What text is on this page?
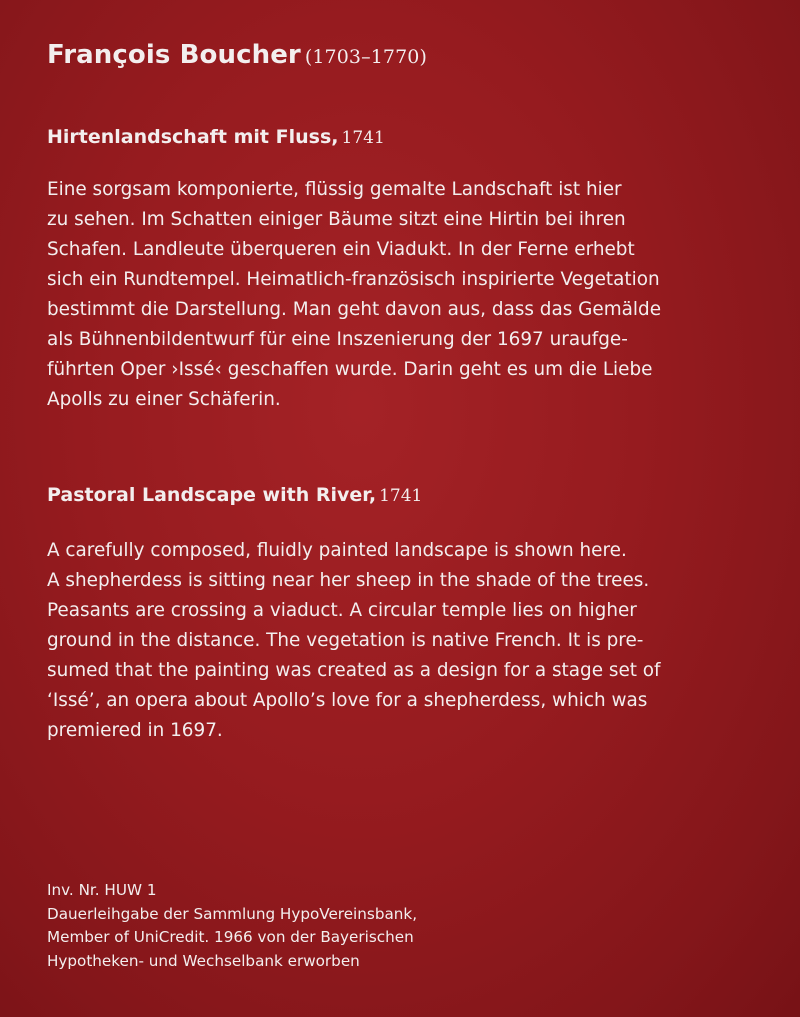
François Boucher (1703–1770)
Hirtenlandschaft mit Fluss, 1741
Eine sorgsam komponierte, flüssig gemalte Landschaft ist hier
zu sehen. Im Schatten einiger Bäume sitzt eine Hirtin bei ihren
Schafen. Landleute überqueren ein Viadukt. In der Ferne erhebt
sich ein Rundtempel. Heimatlich-französisch inspirierte Vegetation
bestimmt die Darstellung. Man geht davon aus, dass das Gemälde
als Bühnenbildentwurf für eine Inszenierung der 1697 uraufge-
führten Oper ›Issé‹ geschaffen wurde. Darin geht es um die Liebe
Apolls zu einer Schäferin.
Pastoral Landscape with River, 1741
A carefully composed, fluidly painted landscape is shown here.
A shepherdess is sitting near her sheep in the shade of the trees.
Peasants are crossing a viaduct. A circular temple lies on higher
ground in the distance. The vegetation is native French. It is pre-
sumed that the painting was created as a design for a stage set of
‘Issé’, an opera about Apollo’s love for a shepherdess, which was
premiered in 1697.
Inv. Nr. HUW 1
Dauerleihgabe der Sammlung HypoVereinsbank,
Member of UniCredit. 1966 von der Bayerischen
Hypotheken- und Wechselbank erworben
